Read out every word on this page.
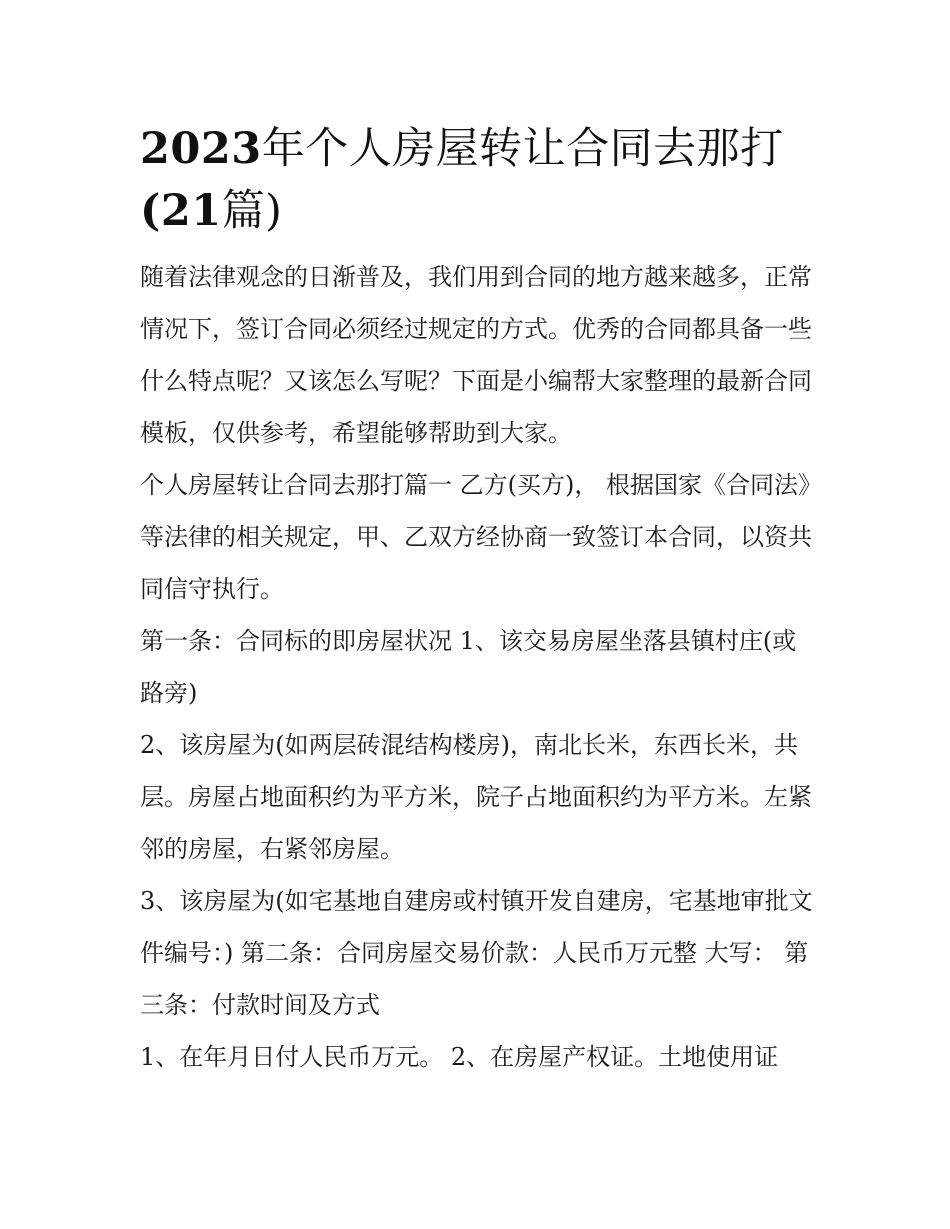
2023年个人房屋转让合同去那打(21篇)

随着法律观念的日渐普及，我们用到合同的地方越来越多，正常情况下，签订合同必须经过规定的方式。优秀的合同都具备一些什么特点呢？又该怎么写呢？下面是小编帮大家整理的最新合同模板，仅供参考，希望能够帮助到大家。

个人房屋转让合同去那打篇一 乙方(买方)， 根据国家《合同法》等法律的相关规定，甲、乙双方经协商一致签订本合同，以资共同信守执行。

第一条：合同标的即房屋状况 1、该交易房屋坐落县镇村庄(或路旁)

2、该房屋为(如两层砖混结构楼房)，南北长米，东西长米，共层。房屋占地面积约为平方米，院子占地面积约为平方米。左紧邻的房屋，右紧邻房屋。

3、该房屋为(如宅基地自建房或村镇开发自建房，宅基地审批文件编号：) 第二条：合同房屋交易价款：人民币万元整 大写： 第三条：付款时间及方式

1、在年月日付人民币万元。 2、在房屋产权证。土地使用证
